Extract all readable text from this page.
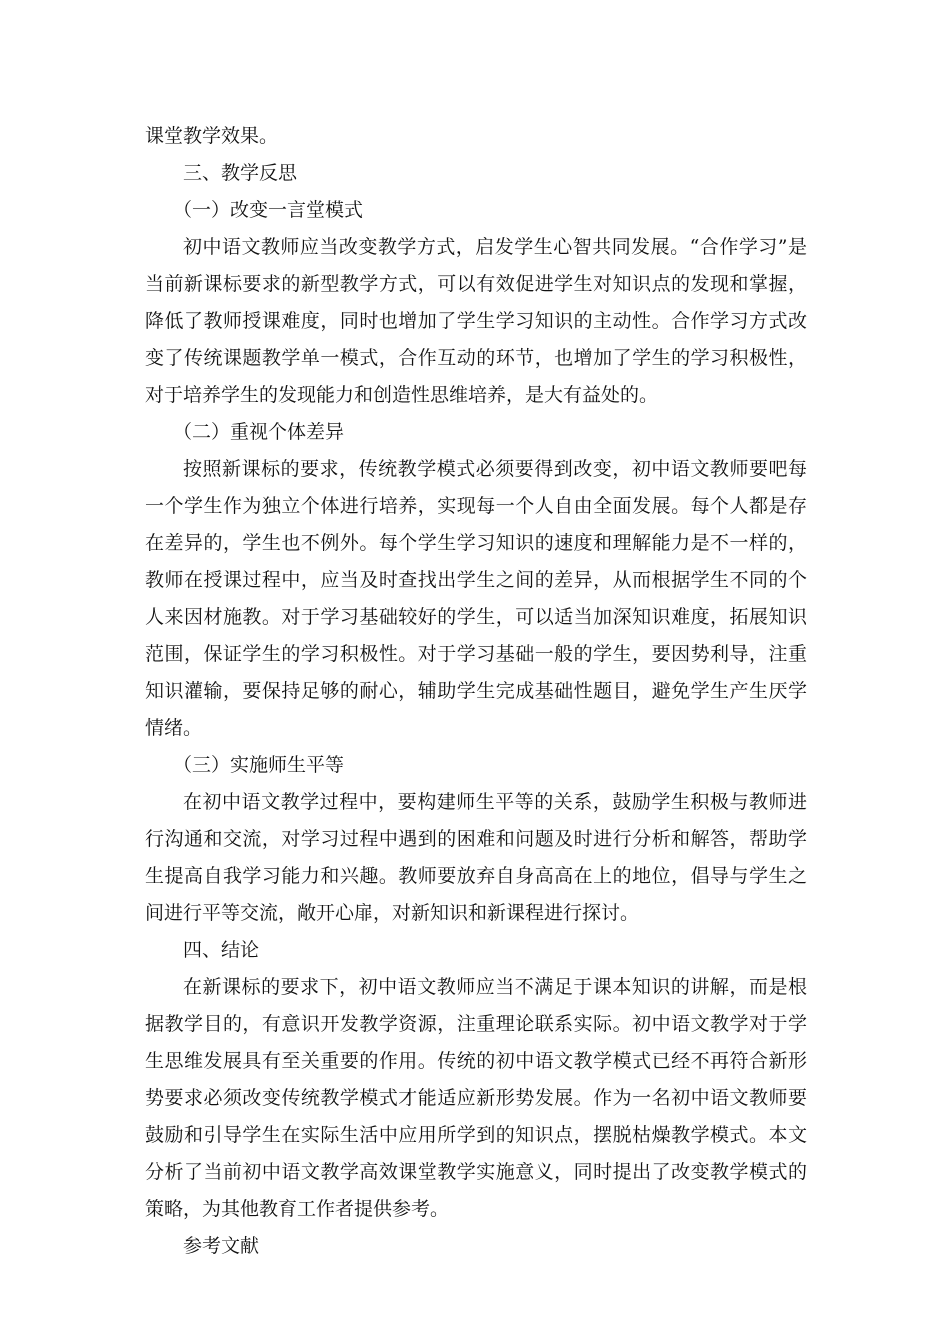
课堂教学效果。

三、教学反思

（一）改变一言堂模式

初中语文教师应当改变教学方式，启发学生心智共同发展。“合作学习”是当前新课标要求的新型教学方式，可以有效促进学生对知识点的发现和掌握，降低了教师授课难度，同时也增加了学生学习知识的主动性。合作学习方式改变了传统课题教学单一模式，合作互动的环节，也增加了学生的学习积极性，对于培养学生的发现能力和创造性思维培养，是大有益处的。

（二）重视个体差异

按照新课标的要求，传统教学模式必须要得到改变，初中语文教师要吧每一个学生作为独立个体进行培养，实现每一个人自由全面发展。每个人都是存在差异的，学生也不例外。每个学生学习知识的速度和理解能力是不一样的，教师在授课过程中，应当及时查找出学生之间的差异，从而根据学生不同的个人来因材施教。对于学习基础较好的学生，可以适当加深知识难度，拓展知识范围，保证学生的学习积极性。对于学习基础一般的学生，要因势利导，注重知识灌输，要保持足够的耐心，辅助学生完成基础性题目，避免学生产生厌学情绪。

（三）实施师生平等

在初中语文教学过程中，要构建师生平等的关系，鼓励学生积极与教师进行沟通和交流，对学习过程中遇到的困难和问题及时进行分析和解答，帮助学生提高自我学习能力和兴趣。教师要放弃自身高高在上的地位，倡导与学生之间进行平等交流，敞开心扉，对新知识和新课程进行探讨。

四、结论

在新课标的要求下，初中语文教师应当不满足于课本知识的讲解，而是根据教学目的，有意识开发教学资源，注重理论联系实际。初中语文教学对于学生思维发展具有至关重要的作用。传统的初中语文教学模式已经不再符合新形势要求必须改变传统教学模式才能适应新形势发展。作为一名初中语文教师要鼓励和引导学生在实际生活中应用所学到的知识点，摆脱枯燥教学模式。本文分析了当前初中语文教学高效课堂教学实施意义，同时提出了改变教学模式的策略，为其他教育工作者提供参考。

参考文献
